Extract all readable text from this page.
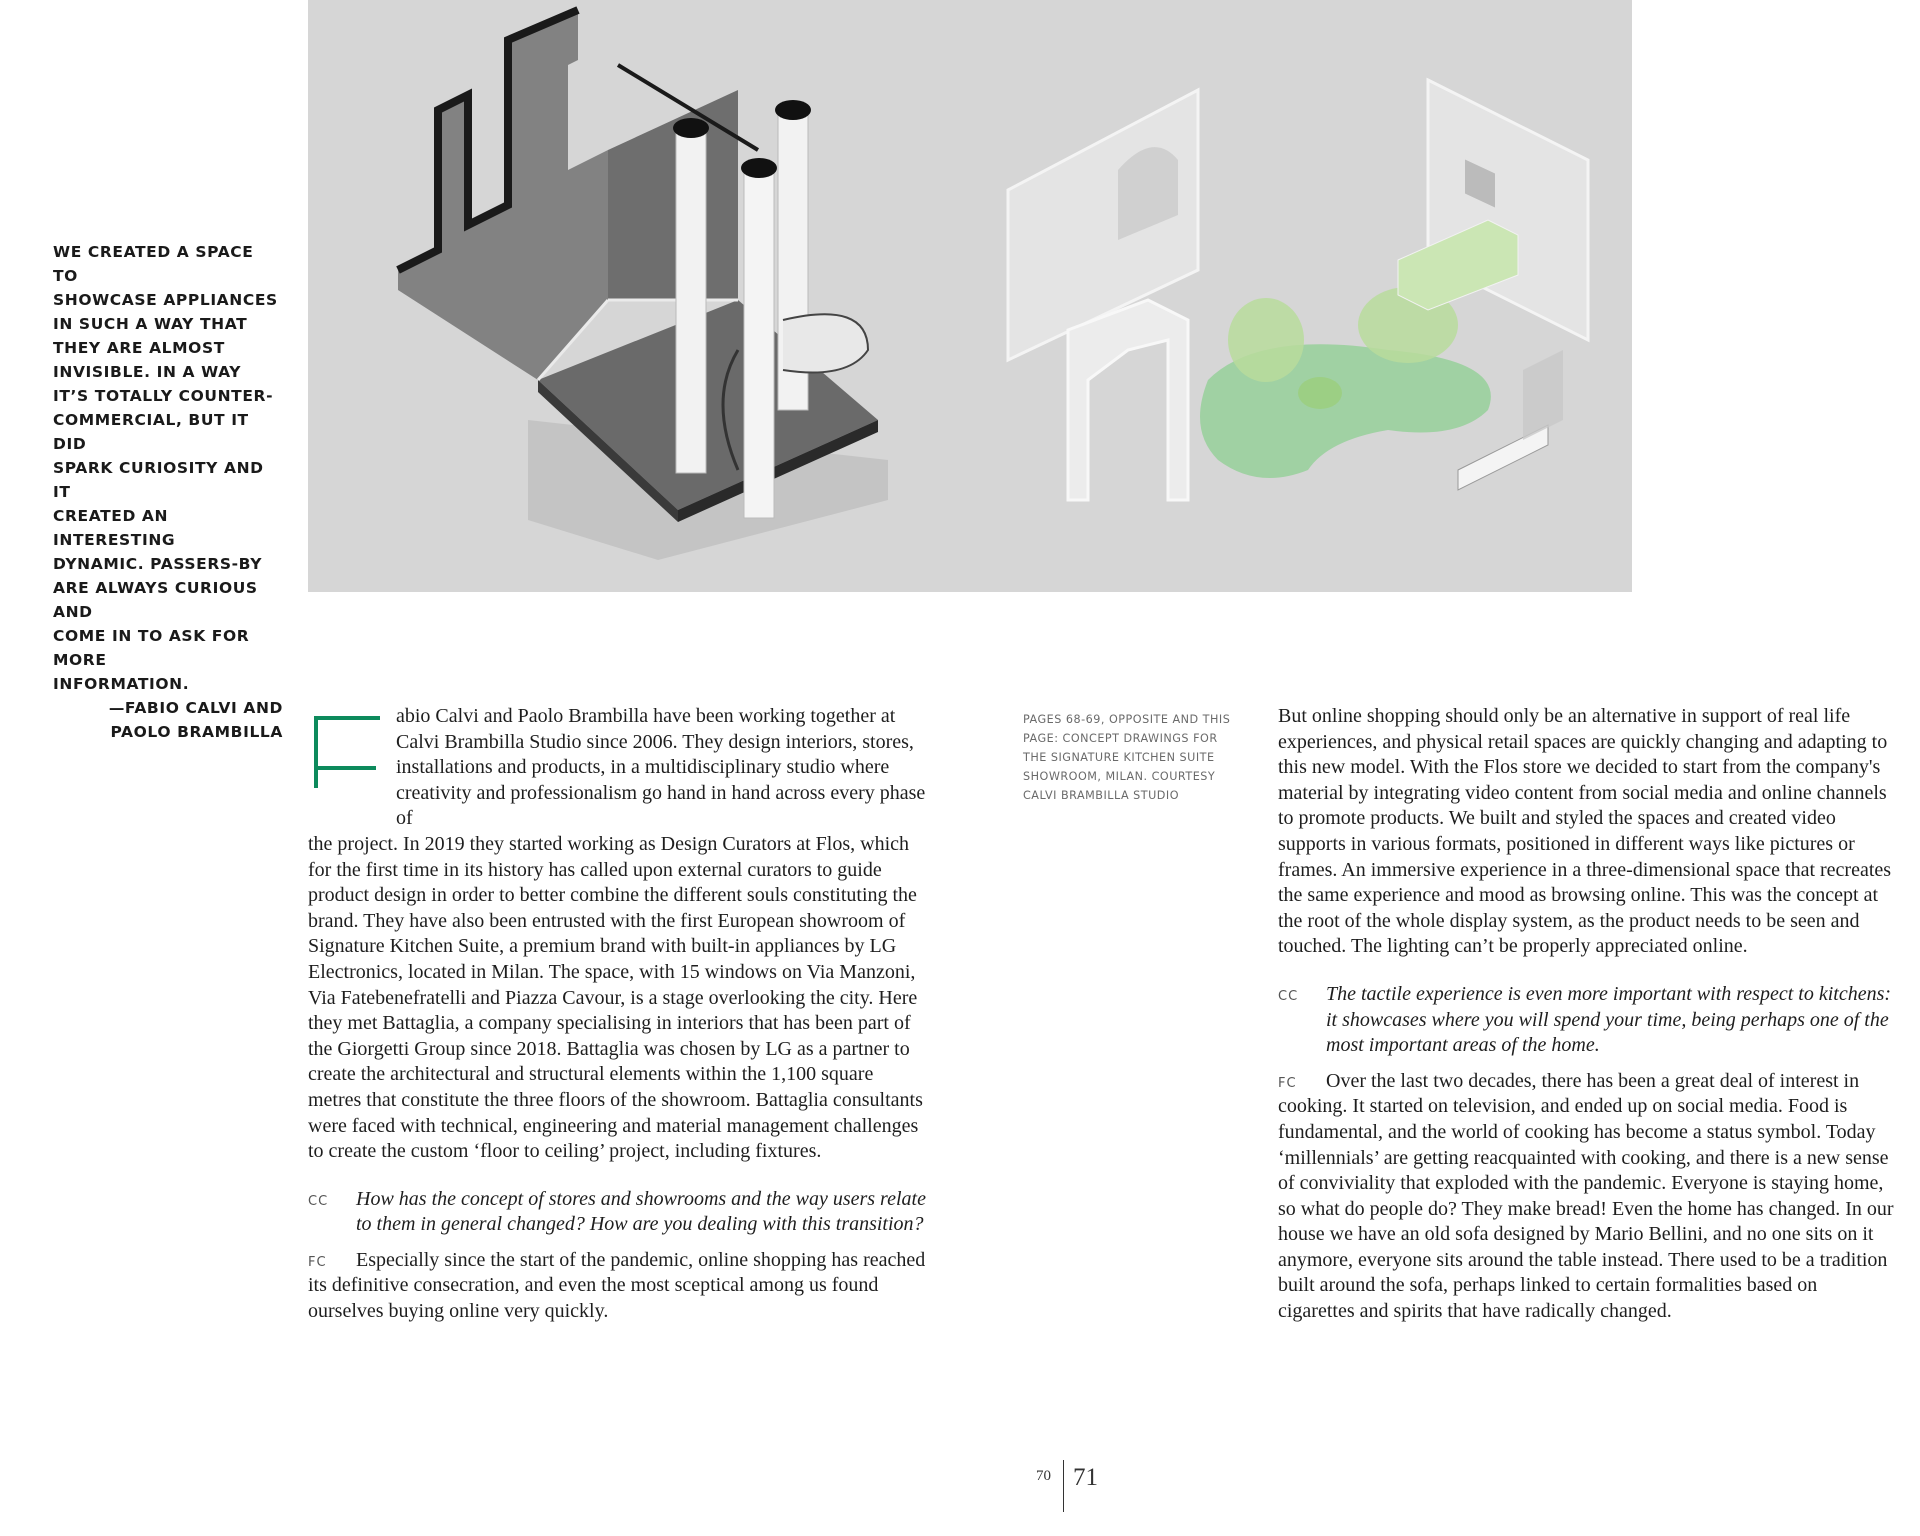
WE CREATED A SPACE TO
SHOWCASE APPLIANCES
IN SUCH A WAY THAT
THEY ARE ALMOST
INVISIBLE. IN A WAY
IT’S TOTALLY COUNTER-
COMMERCIAL, BUT IT DID
SPARK CURIOSITY AND IT
CREATED AN INTERESTING
DYNAMIC. PASSERS-BY
ARE ALWAYS CURIOUS AND
COME IN TO ASK FOR MORE
INFORMATION.
—FABIO CALVI AND
PAOLO BRAMBILLA

abio Calvi and Paolo Brambilla have been working together at Calvi Brambilla Studio since 2006. They design interiors, stores, installations and products, in a multidisciplinary studio where creativity and professionalism go hand in hand across every phase of

the project. In 2019 they started working as Design Curators at Flos, which for the first time in its history has called upon external curators to guide product design in order to better combine the different souls constituting the brand. They have also been entrusted with the first European showroom of Signature Kitchen Suite, a premium brand with built-in appliances by LG Electronics, located in Milan. The space, with 15 windows on Via Manzoni, Via Fatebenefratelli and Piazza Cavour, is a stage overlooking the city. Here they met Battaglia, a company specialising in interiors that has been part of the Giorgetti Group since 2018. Battaglia was chosen by LG as a partner to create the architectural and structural elements within the 1,100 square metres that constitute the three floors of the showroom. Battaglia consultants were faced with technical, engineering and material management challenges to create the custom ‘floor to ceiling’ project, including fixtures.

CC	How has the concept of stores and showrooms and the way users relate to them in general changed? How are you dealing with this transition?

FC	Especially since the start of the pandemic, online shopping has reached its definitive consecration, and even the most sceptical among us found ourselves buying online very quickly.

PAGES 68-69, OPPOSITE AND THIS PAGE: CONCEPT DRAWINGS FOR THE SIGNATURE KITCHEN SUITE SHOWROOM, MILAN. COURTESY CALVI BRAMBILLA STUDIO

But online shopping should only be an alternative in support of real life experiences, and physical retail spaces are quickly changing and adapting to this new model. With the Flos store we decided to start from the company's material by integrating video content from social media and online channels to promote products. We built and styled the spaces and created video supports in various formats, positioned in different ways like pictures or frames. An immersive experience in a three-dimensional space that recreates the same experience and mood as browsing online. This was the concept at the root of the whole display system, as the product needs to be seen and touched. The lighting can’t be properly appreciated online.

CC	The tactile experience is even more important with respect to kitchens: it showcases where you will spend your time, being perhaps one of the most important areas of the home.

FC	Over the last two decades, there has been a great deal of interest in cooking. It started on television, and ended up on social media. Food is fundamental, and the world of cooking has become a status symbol. Today ‘millennials’ are getting reacquainted with cooking, and there is a new sense of conviviality that exploded with the pandemic. Everyone is staying home, so what do people do? They make bread! Even the home has changed. In our house we have an old sofa designed by Mario Bellini, and no one sits on it anymore, everyone sits around the table instead. There used to be a tradition built around the sofa, perhaps linked to certain formalities based on cigarettes and spirits that have radically changed.

70 71
